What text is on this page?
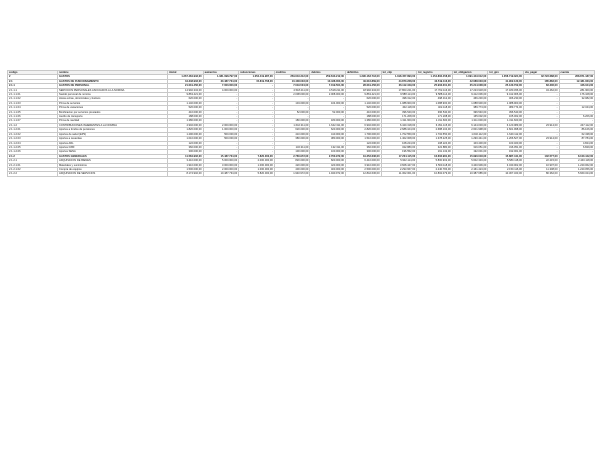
codigo	nombre	inicial	aumentos	reducciones	creditos	debitos	definitivo	tot_cdp	tot_registro	tot_obligacion	tot_giro	cta_pagar	cuenta
2	GASTOS	1.267.484.933,00	1.381.098.797,00	1.052.419.987,00	259.643.212,00	259.643.212,00	1.296.163.743,00	1.198.457.890,00	1.154.802.458,00	1.091.443.012,00	1.058.719.324,00	32.723.688,00	268.871.187,00
2.1	GASTOS DE FUNCIONAMIENTO	34.348.903,00	30.487.734,00	15.819.768,00	10.438.003,00	10.438.003,00	49.016.869,00	44.870.228,00	43.519.116,00	42.088.003,00	41.902.120,00	185.883,00	12.481.063,00
2.1.1	GASTOS DE PERSONAL	21.019.456,00	7.000.000,00	-	7.019.504,00	7.019.504,00	28.019.456,00	26.112.349,00	25.903.201,00	25.214.008,00	25.130.702,00	83.306,00	446.044,00
2.1.1.1	SERVICIOS PERSONALES ASOCIADOS A LA NOMINA	14.992.334,00	4.000.000,00	-	4.518.211,00	4.518.211,00	18.992.334,00	17.803.221,00	17.702.116,00	17.223.918,00	17.180.456,00	43.462,00	281.900,00
2.1.1.1.01	Sueldo personal de nomina	9.863.421,00	-	-	2.008.000,00	2.008.000,00	9.863.421,00	9.588.114,00	9.588.114,00	9.412.006,00	9.412.006,00	-	176.108,00
2.1.1.1.02	Horas extras, dominicales y festivos	620.000,00	-	-	-	-	620.000,00	498.312,00	498.312,00	466.230,00	466.230,00	-	32.082,00
2.1.1.1.03	Prima de servicios	1.140.000,00	-	-	104.000,00	104.000,00	1.140.000,00	1.088.900,00	1.088.900,00	1.088.900,00	1.088.900,00	-	-
2.1.1.1.04	Prima de vacaciones	520.000,00	-	-	-	-	520.000,00	402.118,00	402.118,00	389.774,00	389.774,00	-	12.344,00
2.1.1.1.05	Bonificacion por servicios prestados	410.000,00	-	-	52.000,00	52.000,00	410.000,00	396.540,00	396.540,00	396.540,00	396.540,00	-	-
2.1.1.1.06	Auxilio de transporte	188.000,00	-	-	-	-	188.000,00	171.208,00	171.208,00	165.002,00	165.002,00	-	6.206,00
2.1.1.1.07	Prima de navidad	1.380.000,00	-	-	180.000,00	180.000,00	1.380.000,00	1.311.600,00	1.311.600,00	1.311.600,00	1.311.600,00	-	-
2.1.1.2	CONTRIBUCIONES INHERENTES A LA NOMINA	4.902.000,00	2.000.000,00	-	1.642.311,00	1.642.311,00	6.902.000,00	6.420.318,00	6.391.115,00	6.144.003,00	6.120.089,00	23.914,00	247.112,00
2.1.1.2.01	Aportes a fondos de pensiones	1.820.000,00	1.000.000,00	-	620.000,00	620.000,00	2.820.000,00	2.688.104,00	2.688.104,00	2.601.998,00	2.601.998,00	-	86.106,00
2.1.1.2.02	Aportes de salud (EPS)	1.290.000,00	500.000,00	-	410.000,00	410.000,00	1.790.000,00	1.702.550,00	1.702.550,00	1.640.112,00	1.640.112,00	-	62.438,00
2.1.1.2.03	Aportes a cesantias	1.010.000,00	500.000,00	-	380.000,00	380.000,00	1.510.000,00	1.402.008,00	1.378.225,00	1.290.441,00	1.266.527,00	23.914,00	87.784,00
2.1.1.2.04	Aportes ARL	122.000,00	-	-	-	-	122.000,00	108.224,00	108.224,00	103.400,00	103.400,00	-	4.824,00
2.1.1.2.05	Aportes ICBF	360.000,00	-	-	132.311,00	132.311,00	360.000,00	322.880,00	322.880,00	316.051,00	316.051,00	-	6.829,00
2.1.1.2.06	Aportes SENA	300.000,00	-	-	100.000,00	100.000,00	300.000,00	196.552,00	191.132,00	192.001,00	192.001,00	-	-
2.1.2	GASTOS GENERALES	11.584.902,00	15.487.734,00	7.820.000,00	2.760.972,00	2.760.972,00	19.252.636,00	17.204.115,00	16.602.981,00	15.990.018,00	15.887.441,00	102.577,00	8.100.442,00
2.1.2.1	ADQUISICION DE BIENES	3.410.000,00	5.000.000,00	2.000.000,00	820.000,00	820.000,00	6.410.000,00	5.902.114,00	5.800.902,00	5.602.333,00	5.580.118,00	22.215,00	2.440.118,00
2.1.2.1.01	Materiales y suministros	1.910.000,00	3.000.000,00	1.000.000,00	420.000,00	420.000,00	3.910.000,00	3.608.447,00	3.560.118,00	3.440.909,00	3.430.002,00	10.907,00	1.220.062,00
2.1.2.1.02	Compra de equipos	1.500.000,00	2.000.000,00	1.000.000,00	400.000,00	400.000,00	2.500.000,00	2.293.667,00	2.240.784,00	2.161.424,00	2.150.116,00	11.308,00	1.220.056,00
2.1.2.2	ADQUISICION DE SERVICIOS	8.174.902,00	10.487.734,00	5.820.000,00	1.940.972,00	1.940.972,00	12.842.636,00	11.302.001,00	10.802.079,00	10.387.685,00	10.307.323,00	80.362,00	5.660.324,00
